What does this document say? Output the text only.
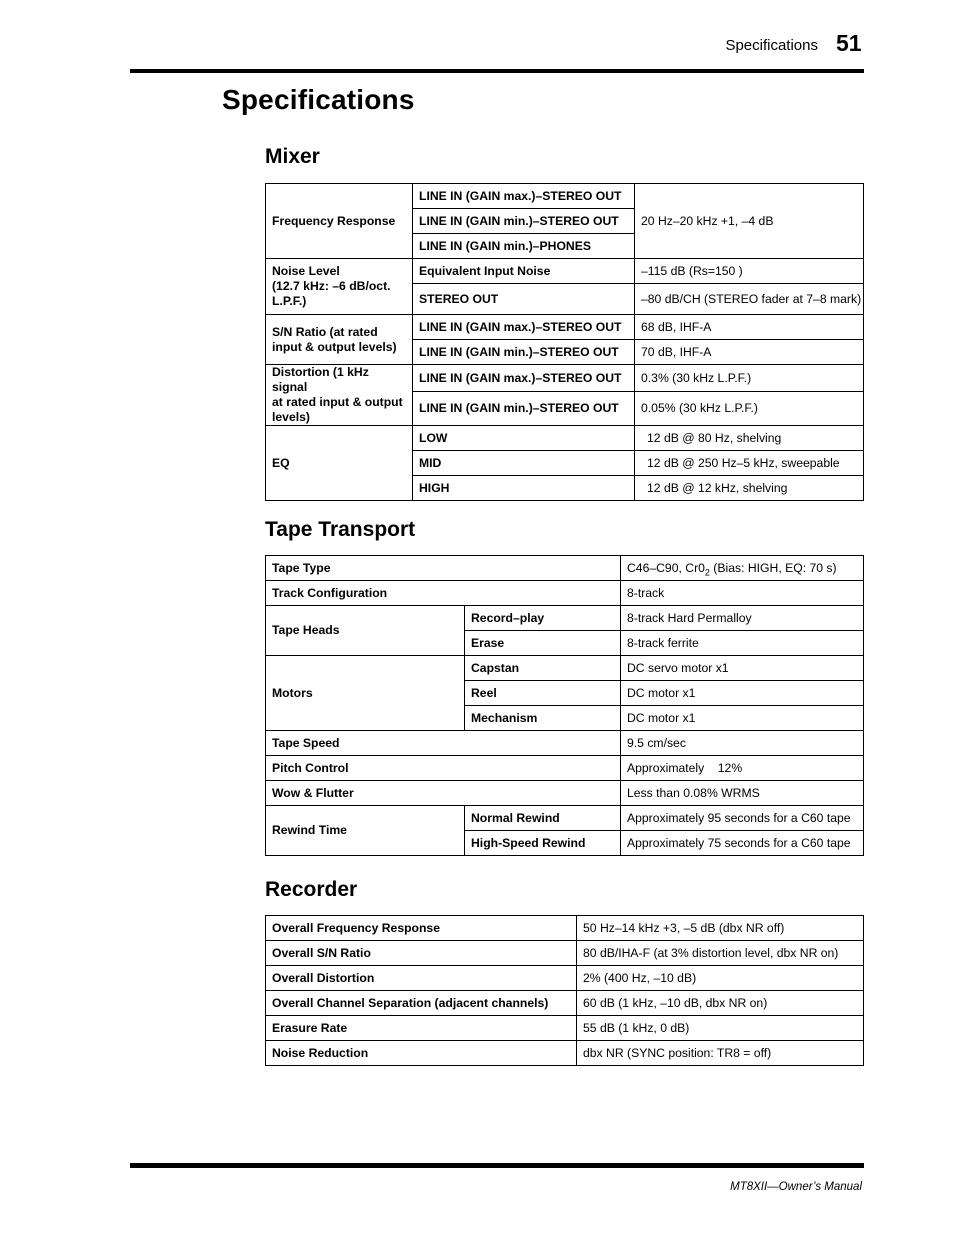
Specifications 51
Specifications
Mixer
Frequency Response	LINE IN (GAIN max.)–STEREO OUT	20 Hz–20 kHz +1, –4 dB
	LINE IN (GAIN min.)–STEREO OUT	
	LINE IN (GAIN min.)–PHONES	

Noise Level
(12.7 kHz: –6 dB/oct.
L.P.F.)	Equivalent Input Noise	–115 dB (Rs=150 )
	STEREO OUT	–80 dB/CH (STEREO fader at 7–8 mark)

S/N Ratio (at rated
input & output levels)	LINE IN (GAIN max.)–STEREO OUT	68 dB, IHF-A
	LINE IN (GAIN min.)–STEREO OUT	70 dB, IHF-A

Distortion (1 kHz signal
at rated input & output
levels)	LINE IN (GAIN max.)–STEREO OUT	0.3% (30 kHz L.P.F.)
	LINE IN (GAIN min.)–STEREO OUT	0.05% (30 kHz L.P.F.)
EQ	LOW	12 dB @ 80 Hz, shelving
	MID	12 dB @ 250 Hz–5 kHz, sweepable
	HIGH	12 dB @ 12 kHz, shelving
Tape Transport
Tape Type		C46–C90, $Cr0_2$ (Bias: HIGH, EQ: 70 s)
Track Configuration		8-track
Tape Heads	Record–play	8-track Hard Permalloy
	Erase	8-track ferrite
Motors	Capstan	DC servo motor x1
	Reel	DC motor x1
	Mechanism	DC motor x1
Tape Speed		9.5 cm/sec
Pitch Control		Approximately    12%
Wow & Flutter		Less than 0.08% WRMS
Rewind Time	Normal Rewind	Approximately 95 seconds for a C60 tape
	High-Speed Rewind	Approximately 75 seconds for a C60 tape
Recorder
Overall Frequency Response	50 Hz–14 kHz +3, –5 dB (dbx NR off)
Overall S/N Ratio	80 dB/IHA-F (at 3% distortion level, dbx NR on)
Overall Distortion	2% (400 Hz, –10 dB)
Overall Channel Separation (adjacent channels)	60 dB (1 kHz, –10 dB, dbx NR on)
Erasure Rate	55 dB (1 kHz, 0 dB)
Noise Reduction	dbx NR (SYNC position: TR8 = off)
MT8XII—Owner’s Manual
